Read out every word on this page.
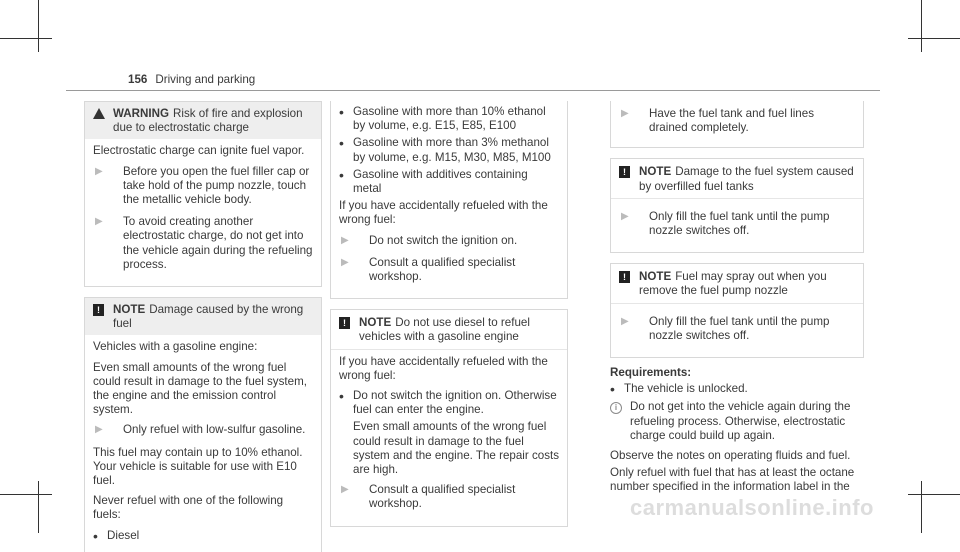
156 Driving and parking
WARNING Risk of fire and explosion due to electrostatic charge

Electrostatic charge can ignite fuel vapor.

▶	Before you open the fuel filler cap or take hold of the pump nozzle, touch the metallic vehicle body.
▶	To avoid creating another electrostatic charge, do not get into the vehicle again during the refueling process.
!	NOTE Damage caused by the wrong fuel

Vehicles with a gasoline engine:

Even small amounts of the wrong fuel could result in damage to the fuel system, the engine and the emission control system.

▶	Only refuel with low-sulfur gasoline.

This fuel may contain up to 10% ethanol. Your vehicle is suitable for use with E10 fuel.

Never refuel with one of the following fuels:

• Diesel
• Gasoline with more than 10% ethanol by volume, e.g. E15, E85, E100
• Gasoline with more than 3% methanol by volume, e.g. M15, M30, M85, M100
• Gasoline with additives containing metal

If you have accidentally refueled with the wrong fuel:

▶	Do not switch the ignition on.
▶	Consult a qualified specialist workshop.
!	NOTE Do not use diesel to refuel vehicles with a gasoline engine

If you have accidentally refueled with the wrong fuel:

• Do not switch the ignition on. Otherwise fuel can enter the engine.
Even small amounts of the wrong fuel could result in damage to the fuel system and the engine. The repair costs are high.
▶	Consult a qualified specialist workshop.
▶	Have the fuel tank and fuel lines drained completely.
!	NOTE Damage to the fuel system caused by overfilled fuel tanks
▶	Only fill the fuel tank until the pump nozzle switches off.
!	NOTE Fuel may spray out when you remove the fuel pump nozzle
▶	Only fill the fuel tank until the pump nozzle switches off.
Requirements:
• The vehicle is unlocked.
i	Do not get into the vehicle again during the refueling process. Otherwise, electrostatic charge could build up again.

Observe the notes on operating fluids and fuel.

Only refuel with fuel that has at least the octane number specified in the information label in the

carmanualsonline.info
